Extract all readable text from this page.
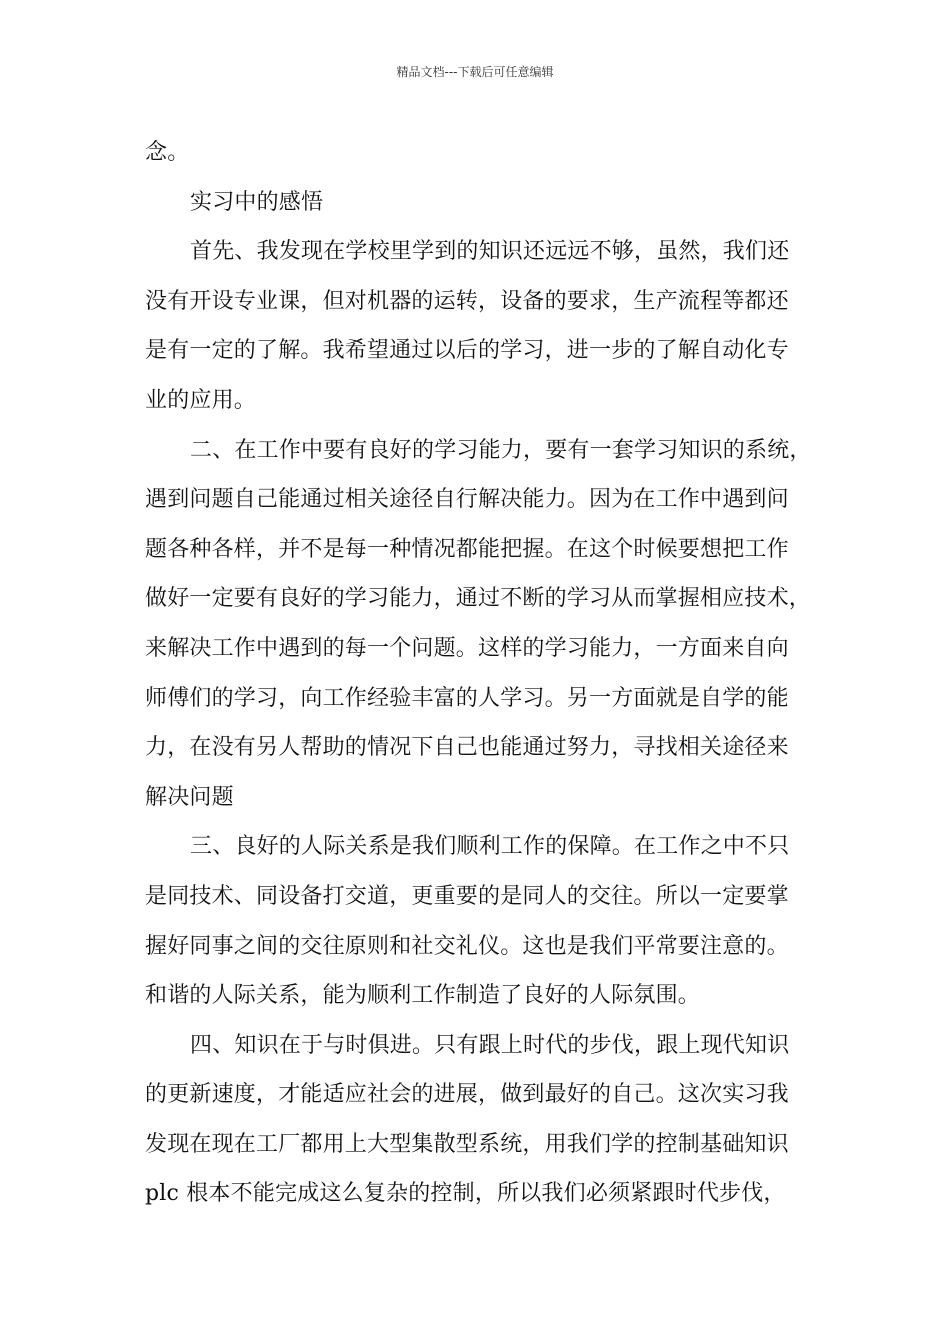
精品文档---下载后可任意编辑
念。
实习中的感悟
首先、我发现在学校里学到的知识还远远不够，虽然，我们还
没有开设专业课，但对机器的运转，设备的要求，生产流程等都还
是有一定的了解。我希望通过以后的学习，进一步的了解自动化专
业的应用。
二、在工作中要有良好的学习能力，要有一套学习知识的系统，
遇到问题自己能通过相关途径自行解决能力。因为在工作中遇到问
题各种各样，并不是每一种情况都能把握。在这个时候要想把工作
做好一定要有良好的学习能力，通过不断的学习从而掌握相应技术，
来解决工作中遇到的每一个问题。这样的学习能力，一方面来自向
师傅们的学习，向工作经验丰富的人学习。另一方面就是自学的能
力，在没有另人帮助的情况下自己也能通过努力，寻找相关途径来
解决问题
三、良好的人际关系是我们顺利工作的保障。在工作之中不只
是同技术、同设备打交道，更重要的是同人的交往。所以一定要掌
握好同事之间的交往原则和社交礼仪。这也是我们平常要注意的。
和谐的人际关系，能为顺利工作制造了良好的人际氛围。
四、知识在于与时俱进。只有跟上时代的步伐，跟上现代知识
的更新速度，才能适应社会的进展，做到最好的自己。这次实习我
发现在现在工厂都用上大型集散型系统，用我们学的控制基础知识
plc 根本不能完成这么复杂的控制，所以我们必须紧跟时代步伐，
